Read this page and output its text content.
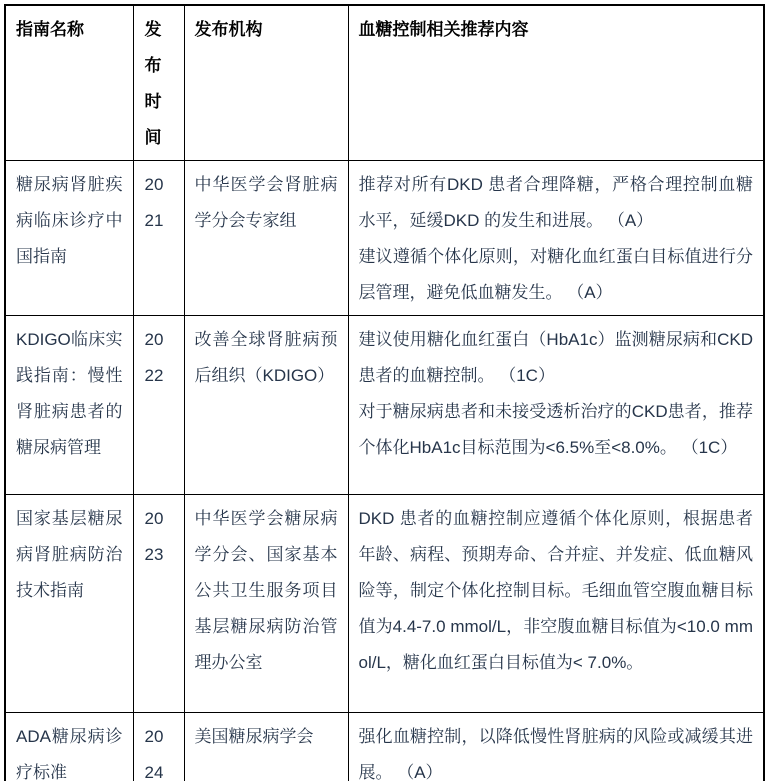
指南名称	发布时间	发布机构	血糖控制相关推荐内容
糖尿病肾脏疾病临床诊疗中国指南	2021	中华医学会肾脏病学分会专家组	推荐对所有DKD 患者合理降糖，严格合理控制血糖水平，延缓DKD 的发生和进展。 （A）

建议遵循个体化原则，对糖化血红蛋白目标值进行分层管理，避免低血糖发生。 （A）

KDIGO临床实践指南：慢性肾脏病患者的糖尿病管理	2022	改善全球肾脏病预后组织（KDIGO）	建议使用糖化血红蛋白（HbA1c）监测糖尿病和CKD患者的血糖控制。 （1C）

对于糖尿病患者和未接受透析治疗的CKD患者，推荐个体化HbA1c目标范围为<6.5%至<8.0%。 （1C）

国家基层糖尿病肾脏病防治技术指南	2023	中华医学会糖尿病学分会、国家基本公共卫生服务项目基层糖尿病防治管理办公室	DKD 患者的血糖控制应遵循个体化原则，根据患者年龄、病程、预期寿命、合并症、并发症、低血糖风险等，制定个体化控制目标。毛细血管空腹血糖目标值为4.4-7.0 mmol/L，非空腹血糖目标值为<10.0 mmol/L，糖化血红蛋白目标值为< 7.0%。

ADA糖尿病诊疗标准	2024	美国糖尿病学会	强化血糖控制，以降低慢性肾脏病的风险或减缓其进展。 （A）
